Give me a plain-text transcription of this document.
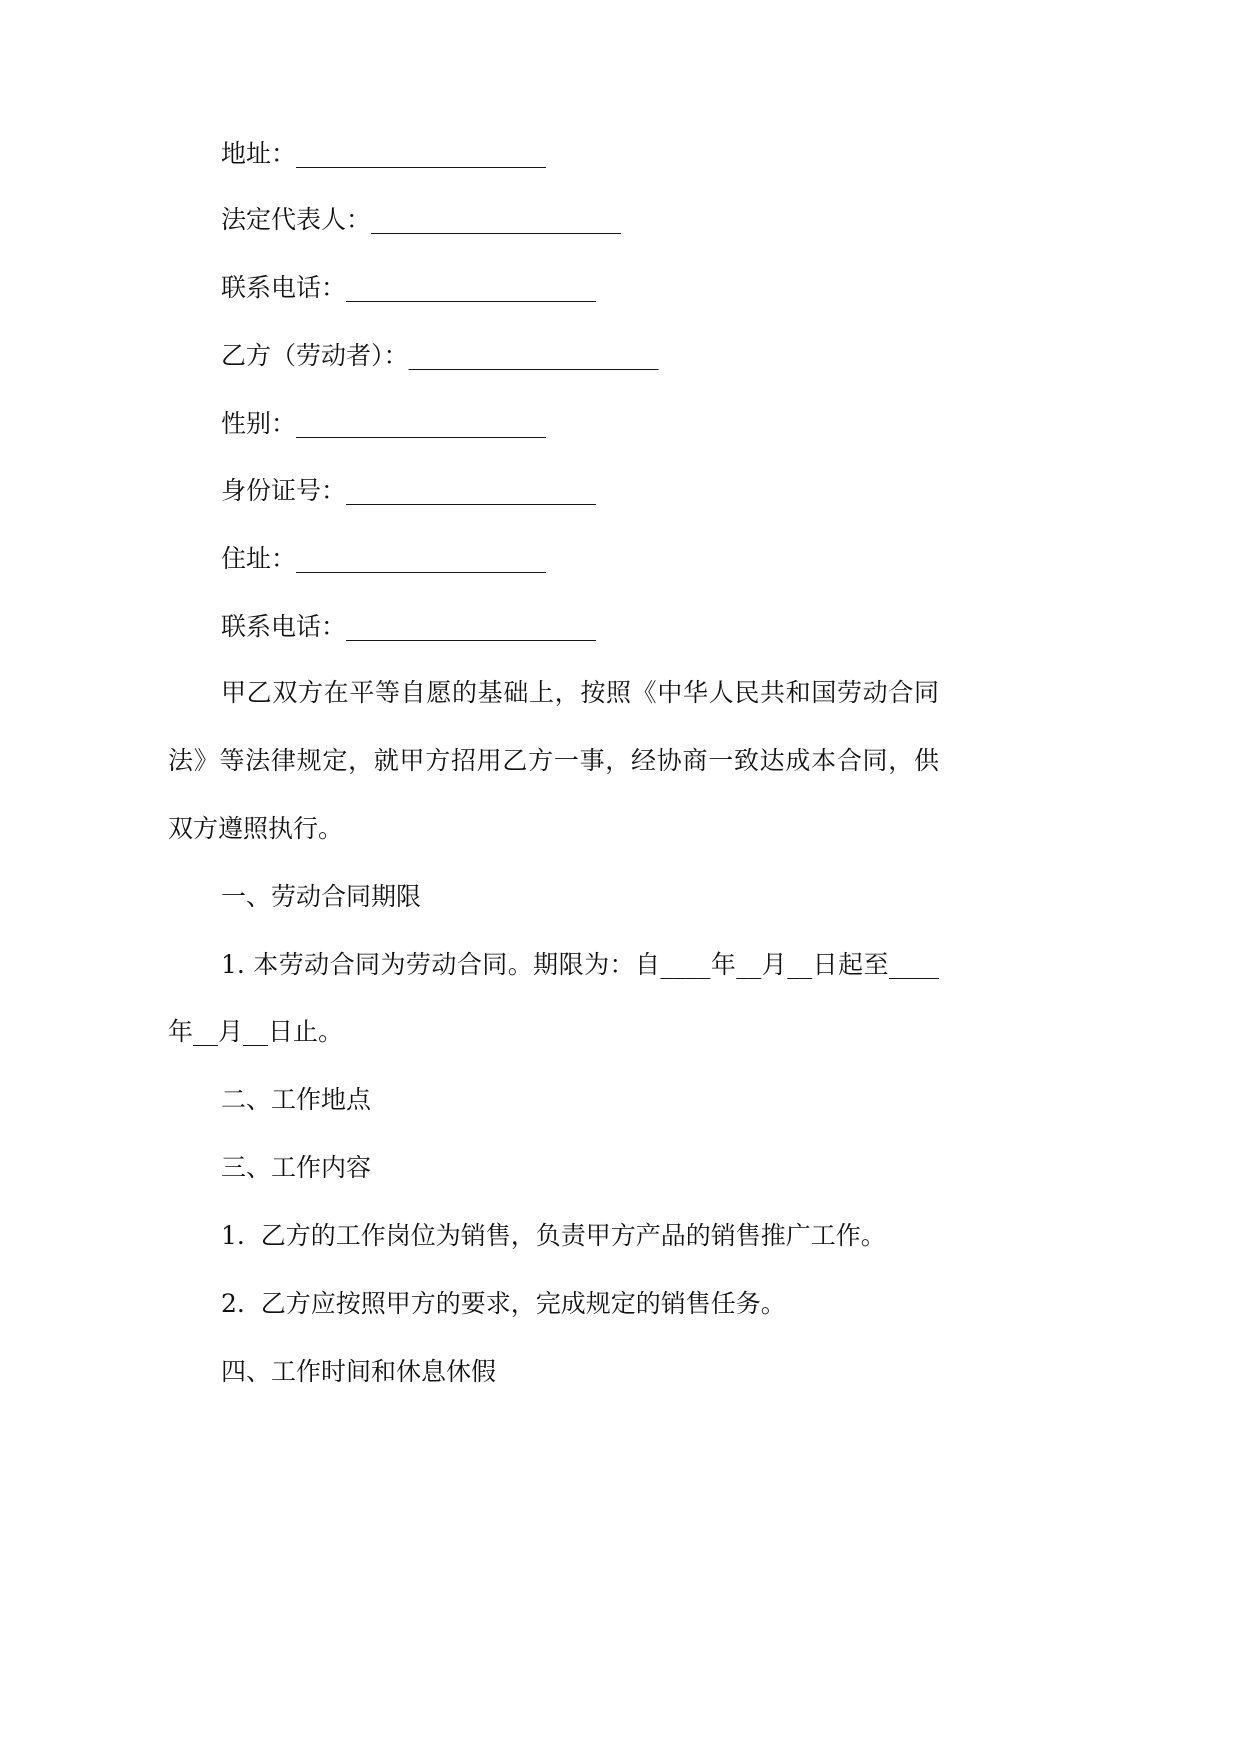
地址：____________________
法定代表人：____________________
联系电话：____________________
乙方（劳动者）：____________________
性别：____________________
身份证号：____________________
住址：____________________
联系电话：____________________
甲乙双方在平等自愿的基础上，按照《中华人民共和国劳动合同
法》等法律规定，就甲方招用乙方一事，经协商一致达成本合同，供
双方遵照执行。
一、劳动合同期限
1. 本劳动合同为劳动合同。期限为：自____年__月__日起至____
年__月__日止。
二、工作地点
三、工作内容
1.  乙方的工作岗位为销售，负责甲方产品的销售推广工作。
2.  乙方应按照甲方的要求，完成规定的销售任务。
四、工作时间和休息休假
